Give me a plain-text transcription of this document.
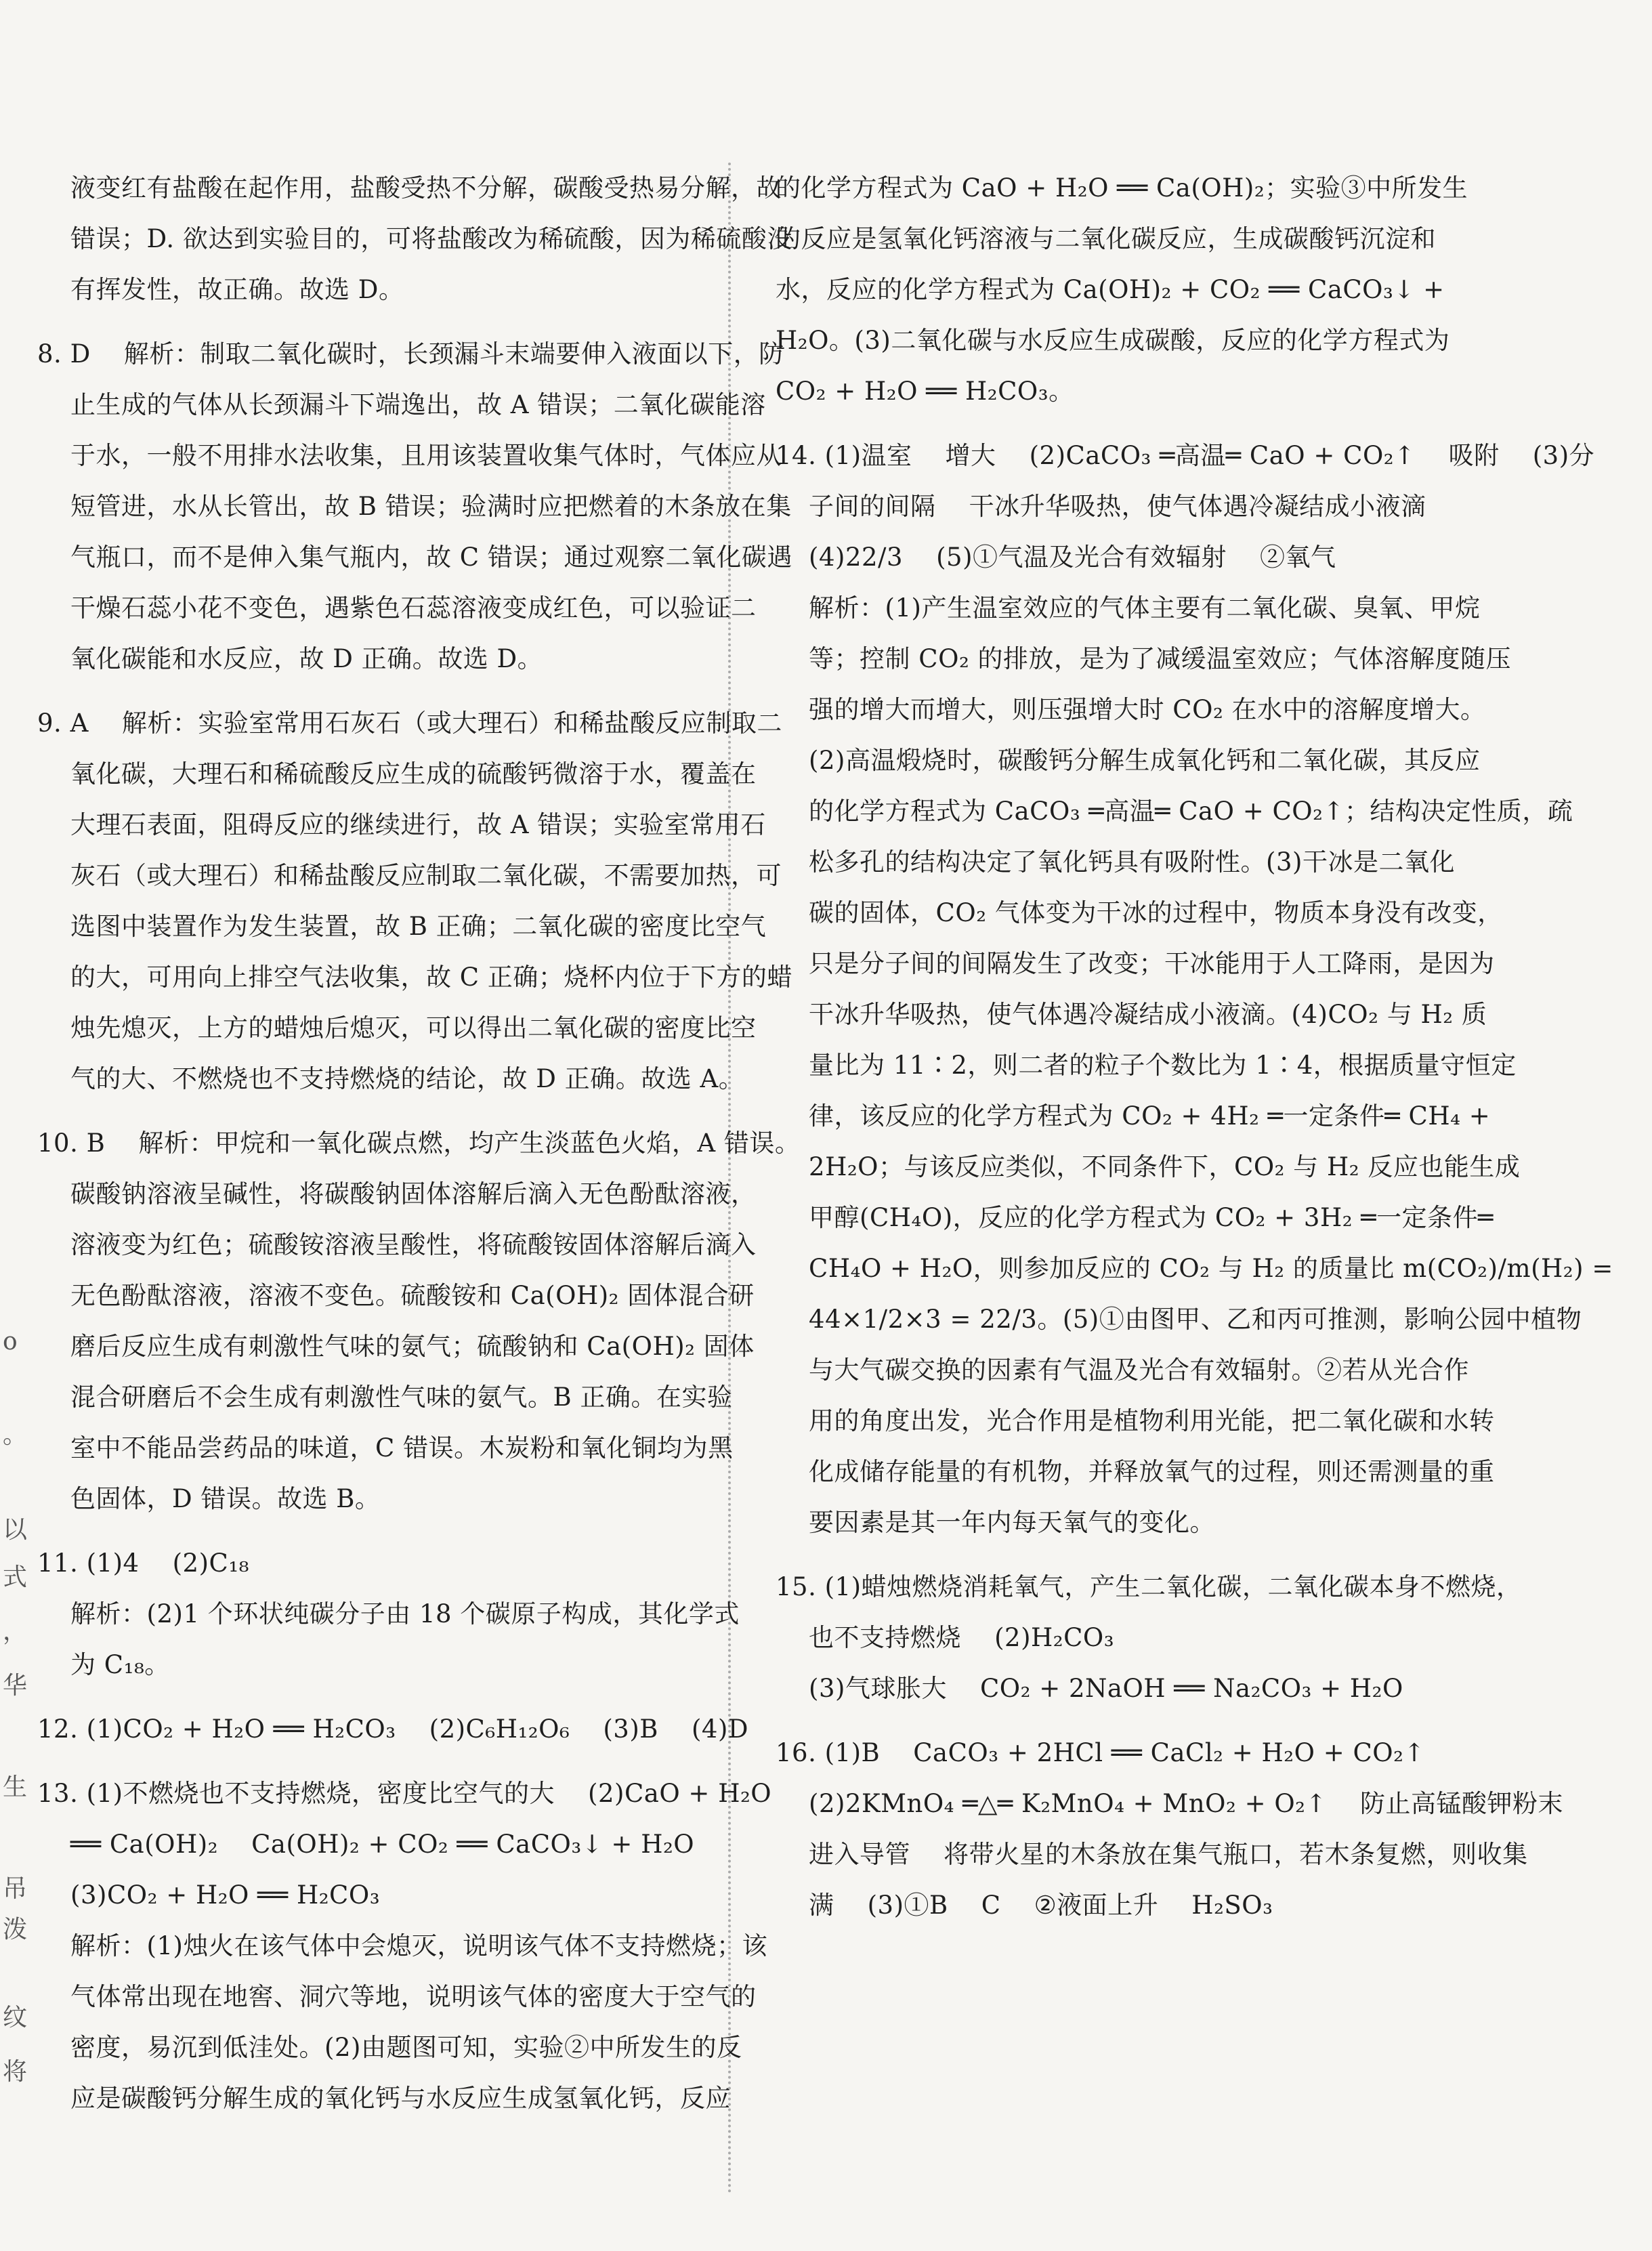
o
。
以
式
，
华
生
吊
泼
纹
将
液变红有盐酸在起作用，盐酸受热不分解，碳酸受热易分解，故
错误；D. 欲达到实验目的，可将盐酸改为稀硫酸，因为稀硫酸没
有挥发性，故正确。故选 D。
8. D    解析：制取二氧化碳时，长颈漏斗末端要伸入液面以下，防
止生成的气体从长颈漏斗下端逸出，故 A 错误；二氧化碳能溶
于水，一般不用排水法收集，且用该装置收集气体时，气体应从
短管进，水从长管出，故 B 错误；验满时应把燃着的木条放在集
气瓶口，而不是伸入集气瓶内，故 C 错误；通过观察二氧化碳遇
干燥石蕊小花不变色，遇紫色石蕊溶液变成红色，可以验证二
氧化碳能和水反应，故 D 正确。故选 D。
9. A    解析：实验室常用石灰石（或大理石）和稀盐酸反应制取二
氧化碳，大理石和稀硫酸反应生成的硫酸钙微溶于水，覆盖在
大理石表面，阻碍反应的继续进行，故 A 错误；实验室常用石
灰石（或大理石）和稀盐酸反应制取二氧化碳，不需要加热，可
选图中装置作为发生装置，故 B 正确；二氧化碳的密度比空气
的大，可用向上排空气法收集，故 C 正确；烧杯内位于下方的蜡
烛先熄灭，上方的蜡烛后熄灭，可以得出二氧化碳的密度比空
气的大、不燃烧也不支持燃烧的结论，故 D 正确。故选 A。
10. B    解析：甲烷和一氧化碳点燃，均产生淡蓝色火焰，A 错误。
碳酸钠溶液呈碱性，将碳酸钠固体溶解后滴入无色酚酞溶液，
溶液变为红色；硫酸铵溶液呈酸性，将硫酸铵固体溶解后滴入
无色酚酞溶液，溶液不变色。硫酸铵和 Ca(OH)₂ 固体混合研
磨后反应生成有刺激性气味的氨气；硫酸钠和 Ca(OH)₂ 固体
混合研磨后不会生成有刺激性气味的氨气。B 正确。在实验
室中不能品尝药品的味道，C 错误。木炭粉和氧化铜均为黑
色固体，D 错误。故选 B。
11. (1)4    (2)C₁₈
解析：(2)1 个环状纯碳分子由 18 个碳原子构成，其化学式
为 C₁₈。
12. (1)CO₂ + H₂O ══ H₂CO₃    (2)C₆H₁₂O₆    (3)B    (4)D
13. (1)不燃烧也不支持燃烧，密度比空气的大    (2)CaO + H₂O
══ Ca(OH)₂    Ca(OH)₂ + CO₂ ══ CaCO₃↓ + H₂O
(3)CO₂ + H₂O ══ H₂CO₃
解析：(1)烛火在该气体中会熄灭，说明该气体不支持燃烧；该
气体常出现在地窖、洞穴等地，说明该气体的密度大于空气的
密度，易沉到低洼处。(2)由题图可知，实验②中所发生的反
应是碳酸钙分解生成的氧化钙与水反应生成氢氧化钙，反应
的化学方程式为 CaO + H₂O ══ Ca(OH)₂；实验③中所发生
的反应是氢氧化钙溶液与二氧化碳反应，生成碳酸钙沉淀和
水，反应的化学方程式为 Ca(OH)₂ + CO₂ ══ CaCO₃↓ +
H₂O。(3)二氧化碳与水反应生成碳酸，反应的化学方程式为
CO₂ + H₂O ══ H₂CO₃。
14. (1)温室    增大    (2)CaCO₃ ═高温═ CaO + CO₂↑    吸附    (3)分
子间的间隔    干冰升华吸热，使气体遇冷凝结成小液滴
(4)22/3    (5)①气温及光合有效辐射    ②氧气
解析：(1)产生温室效应的气体主要有二氧化碳、臭氧、甲烷
等；控制 CO₂ 的排放，是为了减缓温室效应；气体溶解度随压
强的增大而增大，则压强增大时 CO₂ 在水中的溶解度增大。
(2)高温煅烧时，碳酸钙分解生成氧化钙和二氧化碳，其反应
的化学方程式为 CaCO₃ ═高温═ CaO + CO₂↑；结构决定性质，疏
松多孔的结构决定了氧化钙具有吸附性。(3)干冰是二氧化
碳的固体，CO₂ 气体变为干冰的过程中，物质本身没有改变，
只是分子间的间隔发生了改变；干冰能用于人工降雨，是因为
干冰升华吸热，使气体遇冷凝结成小液滴。(4)CO₂ 与 H₂ 质
量比为 11∶2，则二者的粒子个数比为 1∶4，根据质量守恒定
律，该反应的化学方程式为 CO₂ + 4H₂ ═一定条件═ CH₄ +
2H₂O；与该反应类似，不同条件下，CO₂ 与 H₂ 反应也能生成
甲醇(CH₄O)，反应的化学方程式为 CO₂ + 3H₂ ═一定条件═
CH₄O + H₂O，则参加反应的 CO₂ 与 H₂ 的质量比 m(CO₂)/m(H₂) =
44×1/2×3 = 22/3。(5)①由图甲、乙和丙可推测，影响公园中植物
与大气碳交换的因素有气温及光合有效辐射。②若从光合作
用的角度出发，光合作用是植物利用光能，把二氧化碳和水转
化成储存能量的有机物，并释放氧气的过程，则还需测量的重
要因素是其一年内每天氧气的变化。
15. (1)蜡烛燃烧消耗氧气，产生二氧化碳，二氧化碳本身不燃烧，
也不支持燃烧    (2)H₂CO₃
(3)气球胀大    CO₂ + 2NaOH ══ Na₂CO₃ + H₂O
16. (1)B    CaCO₃ + 2HCl ══ CaCl₂ + H₂O + CO₂↑
(2)2KMnO₄ ═△═ K₂MnO₄ + MnO₂ + O₂↑    防止高锰酸钾粉末
进入导管    将带火星的木条放在集气瓶口，若木条复燃，则收集
满    (3)①B    C    ②液面上升    H₂SO₃
